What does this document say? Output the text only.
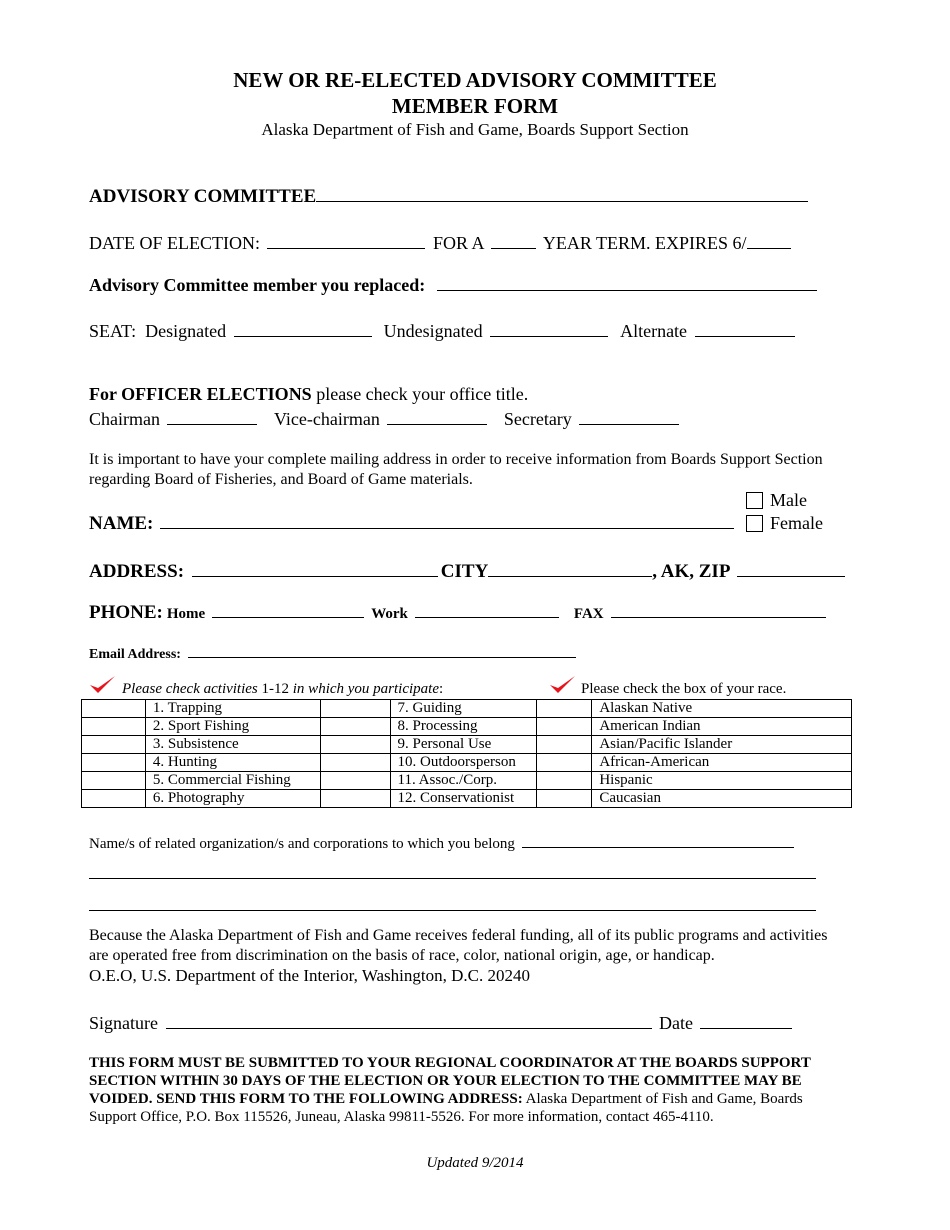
NEW OR RE-ELECTED ADVISORY COMMITTEE
MEMBER FORM
Alaska Department of Fish and Game, Boards Support Section
ADVISORY COMMITTEE
DATE OF ELECTION:	FOR A	YEAR TERM. EXPIRES 6/
Advisory Committee member you replaced:
SEAT: Designated	Undesignated	Alternate
For OFFICER ELECTIONS please check your office title.
Chairman	Vice-chairman	Secretary
It is important to have your complete mailing address in order to receive information from Boards Support Section regarding Board of Fisheries, and Board of Game materials.
Male
Female
NAME:
ADDRESS:	CITY	, AK, ZIP
PHONE: Home	Work	FAX
Email Address:
Please check activities 1-12 in which you participate:	Please check the box of your race.
	1. Trapping		7. Guiding		Alaskan Native
	2. Sport Fishing		8. Processing		American Indian
	3. Subsistence		9. Personal Use		Asian/Pacific Islander
	4. Hunting		10. Outdoorsperson		African-American
	5. Commercial Fishing		11. Assoc./Corp.		Hispanic
	6. Photography		12. Conservationist		Caucasian
Name/s of related organization/s and corporations to which you belong
Because the Alaska Department of Fish and Game receives federal funding, all of its public programs and activities are operated free from discrimination on the basis of race, color, national origin, age, or handicap.
O.E.O, U.S. Department of the Interior, Washington, D.C. 20240
Signature	Date
THIS FORM MUST BE SUBMITTED TO YOUR REGIONAL COORDINATOR AT THE BOARDS SUPPORT SECTION WITHIN 30 DAYS OF THE ELECTION OR YOUR ELECTION TO THE COMMITTEE MAY BE VOIDED. SEND THIS FORM TO THE FOLLOWING ADDRESS: Alaska Department of Fish and Game, Boards Support Office, P.O. Box 115526, Juneau, Alaska 99811-5526. For more information, contact 465-4110.
Updated 9/2014
